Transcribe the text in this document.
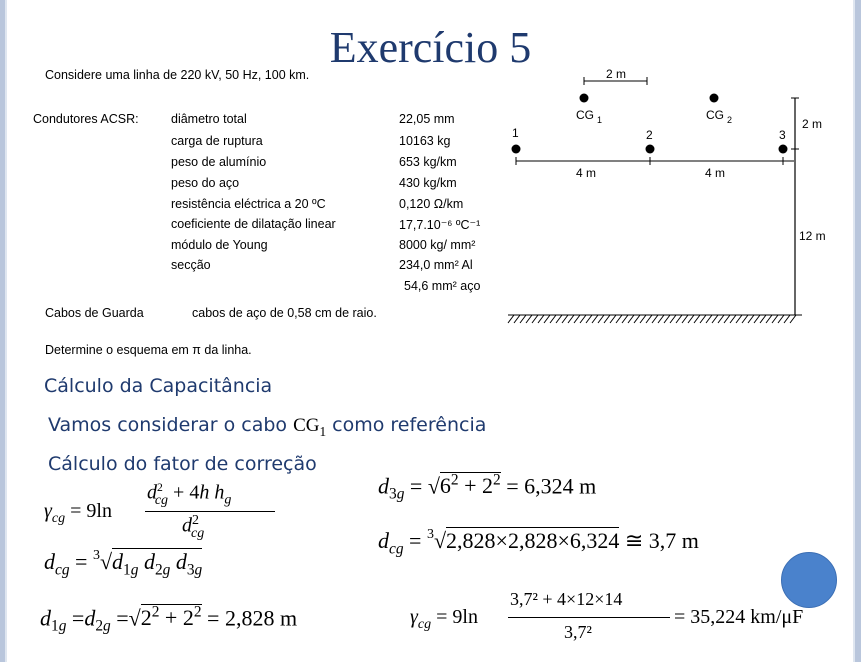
Exercício 5
Considere uma linha de 220 kV, 50 Hz, 100 km.
Condutores ACSR:	diâmetro total	22,05 mm
carga de ruptura	10163 kg
peso de alumínio	653 kg/km
peso do aço	430 kg/km
resistência eléctrica a 20 ºC	0,120 Ω/km
coeficiente de dilatação linear	17,7.10⁻⁶ ºC⁻¹
módulo de Young	8000 kg/ mm²
secção	234,0 mm² Al
54,6 mm² aço
Cabos de Guarda	cabos de aço de 0,58 cm de raio.
Determine o esquema em π da linha.
2 m
CG 1	CG 2
1	2	3
4 m	4 m
2 m
12 m
Cálculo da Capacitância
Vamos considerar o cabo $CG_1$ como referência
Cálculo do fator de correção
$\gamma_{cg} = 9\ln$
$d^2_{cg} + 4h$ $h_g$
$d^2_{cg}$
$d_{cg} = ^3√d_{1g}$ $d_{2g}$ $d_{3g}$
$d_{1g} =d_{2g} =√2^2 + 2^2 = 2,828$ m
$d_{3g} = √6^2 + 2^2 = 6,324$ m
$d_{cg} = ^3√2,828\times 2,828\times 6,324$ ≅ 3,7 m
$\gamma_{cg} = 9\ln$
3,7² + 4×12×14
3,7²
= 35,224 km/μF
